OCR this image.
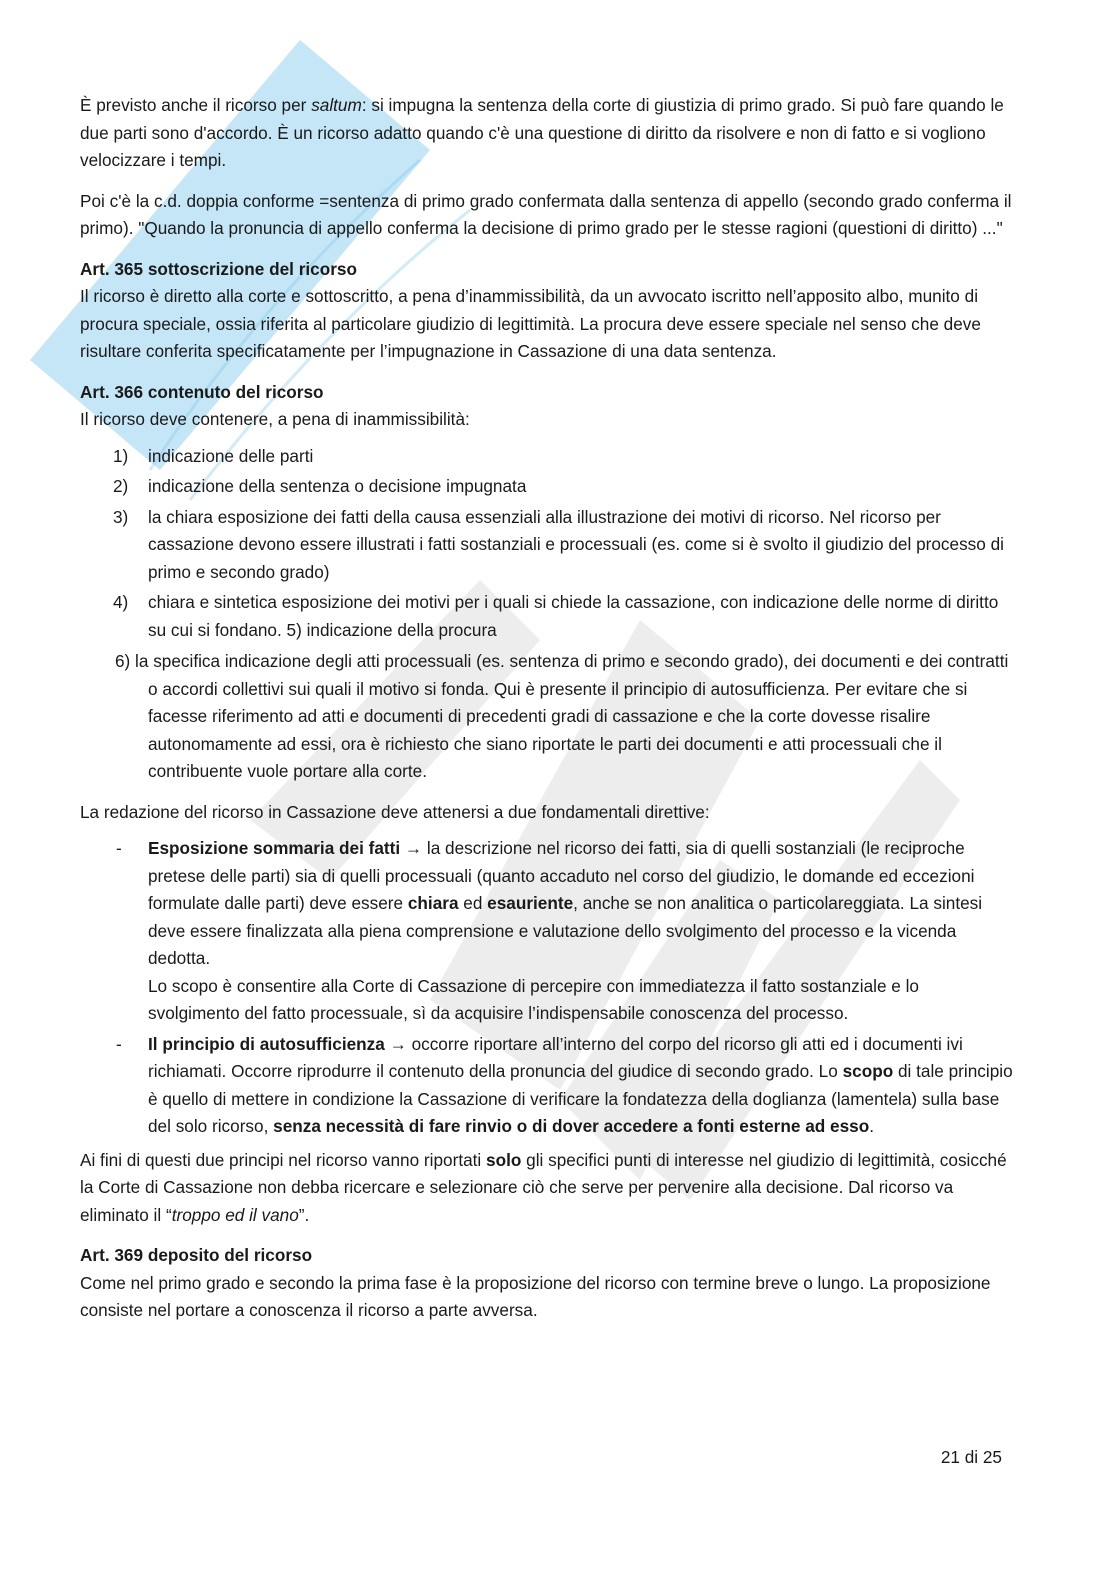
È previsto anche il ricorso per saltum: si impugna la sentenza della corte di giustizia di primo grado. Si può fare quando le due parti sono d'accordo. È un ricorso adatto quando c'è una questione di diritto da risolvere e non di fatto e si vogliono velocizzare i tempi.

Poi c'è la c.d. doppia conforme =sentenza di primo grado confermata dalla sentenza di appello (secondo grado conferma il primo). "Quando la pronuncia di appello conferma la decisione di primo grado per le stesse ragioni (questioni di diritto) ..."

Art. 365 sottoscrizione del ricorso

Il ricorso è diretto alla corte e sottoscritto, a pena d’inammissibilità, da un avvocato iscritto nell’apposito albo, munito di procura speciale, ossia riferita al particolare giudizio di legittimità. La procura deve essere speciale nel senso che deve risultare conferita specificatamente per l’impugnazione in Cassazione di una data sentenza.

Art. 366 contenuto del ricorso

Il ricorso deve contenere, a pena di inammissibilità:

1) indicazione delle parti
2) indicazione della sentenza o decisione impugnata
3) la chiara esposizione dei fatti della causa essenziali alla illustrazione dei motivi di ricorso. Nel ricorso per cassazione devono essere illustrati i fatti sostanziali e processuali (es. come si è svolto il giudizio del processo di primo e secondo grado)
4) chiara e sintetica esposizione dei motivi per i quali si chiede la cassazione, con indicazione delle norme di diritto su cui si fondano. 5) indicazione della procura

6) la specifica indicazione degli atti processuali (es. sentenza di primo e secondo grado), dei documenti e dei contratti o accordi collettivi sui quali il motivo si fonda. Qui è presente il principio di autosufficienza. Per evitare che si facesse riferimento ad atti e documenti di precedenti gradi di cassazione e che la corte dovesse risalire autonomamente ad essi, ora è richiesto che siano riportate le parti dei documenti e atti processuali che il contribuente vuole portare alla corte.

La redazione del ricorso in Cassazione deve attenersi a due fondamentali direttive:

- Esposizione sommaria dei fatti → la descrizione nel ricorso dei fatti, sia di quelli sostanziali (le reciproche pretese delle parti) sia di quelli processuali (quanto accaduto nel corso del giudizio, le domande ed eccezioni formulate dalle parti) deve essere chiara ed esauriente, anche se non analitica o particolareggiata. La sintesi deve essere finalizzata alla piena comprensione e valutazione dello svolgimento del processo e la vicenda dedotta.
Lo scopo è consentire alla Corte di Cassazione di percepire con immediatezza il fatto sostanziale e lo svolgimento del fatto processuale, sì da acquisire l’indispensabile conoscenza del processo.
- Il principio di autosufficienza → occorre riportare all’interno del corpo del ricorso gli atti ed i documenti ivi richiamati. Occorre riprodurre il contenuto della pronuncia del giudice di secondo grado. Lo scopo di tale principio è quello di mettere in condizione la Cassazione di verificare la fondatezza della doglianza (lamentela) sulla base del solo ricorso, senza necessità di fare rinvio o di dover accedere a fonti esterne ad esso.

Ai fini di questi due principi nel ricorso vanno riportati solo gli specifici punti di interesse nel giudizio di legittimità, cosicché la Corte di Cassazione non debba ricercare e selezionare ciò che serve per pervenire alla decisione. Dal ricorso va eliminato il “troppo ed il vano”.

Art. 369 deposito del ricorso

Come nel primo grado e secondo la prima fase è la proposizione del ricorso con termine breve o lungo. La proposizione consiste nel portare a conoscenza il ricorso a parte avversa.

21 di 25
